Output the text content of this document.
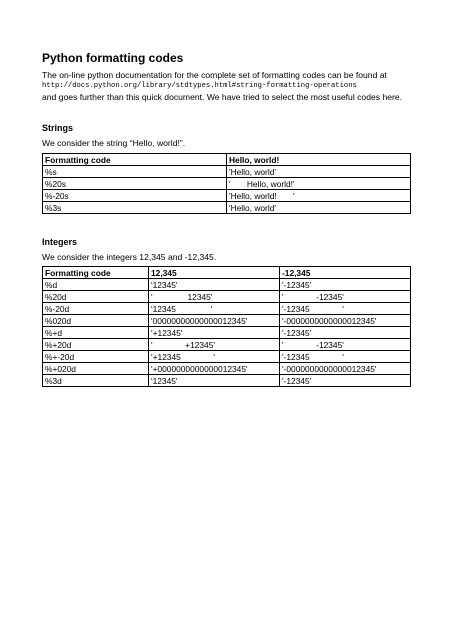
Python formatting codes
The on-line python documentation for the complete set of formatting codes can be found at
http://docs.python.org/library/stdtypes.html#string-formatting-operations
and goes further than this quick document. We have tried to select the most useful codes here.
Strings
We consider the string “Hello, world!”.
Formatting code	Hello, world!
%s	'Hello, world'
%20s	'       Hello, world!'
%-20s	'Hello, world!       '
%3s	'Hello, world'
Integers
We consider the integers 12,345 and -12,345.
Formatting code	12,345	-12,345
%d	'12345'	'-12345'
%20d	'               12345'	'              -12345'
%-20d	'12345               '	'-12345              '
%020d	'00000000000000012345'	'-0000000000000012345'
%+d	'+12345'	'-12345'
%+20d	'              +12345'	'              -12345'
%+-20d	'+12345              '	'-12345              '
%+020d	'+0000000000000012345'	'-0000000000000012345'
%3d	'12345'	'-12345'
